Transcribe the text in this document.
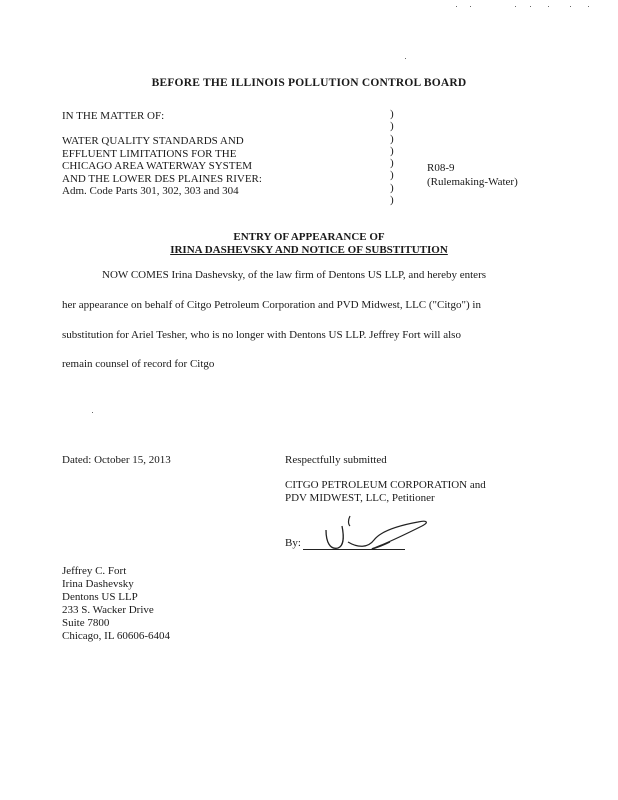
BEFORE THE ILLINOIS POLLUTION CONTROL BOARD
IN THE MATTER OF:
WATER QUALITY STANDARDS AND
EFFLUENT LIMITATIONS FOR THE
CHICAGO AREA WATERWAY SYSTEM
AND THE LOWER DES PLAINES RIVER:
Adm. Code Parts 301, 302, 303 and 304
)
)
)
)
)
)
)
)
R08-9
(Rulemaking-Water)
ENTRY OF APPEARANCE OF
IRINA DASHEVSKY AND NOTICE OF SUBSTITUTION
NOW COMES Irina Dashevsky, of the law firm of Dentons US LLP, and hereby enters
her appearance on behalf of Citgo Petroleum Corporation and PVD Midwest, LLC ("Citgo") in
substitution for Ariel Tesher, who is no longer with Dentons US LLP. Jeffrey Fort will also
remain counsel of record for Citgo
Dated: October 15, 2013	Respectfully submitted
CITGO PETROLEUM CORPORATION and
PDV MIDWEST, LLC, Petitioner
By:
Jeffrey C. Fort
Irina Dashevsky
Dentons US LLP
233 S. Wacker Drive
Suite 7800
Chicago, IL 60606-6404
